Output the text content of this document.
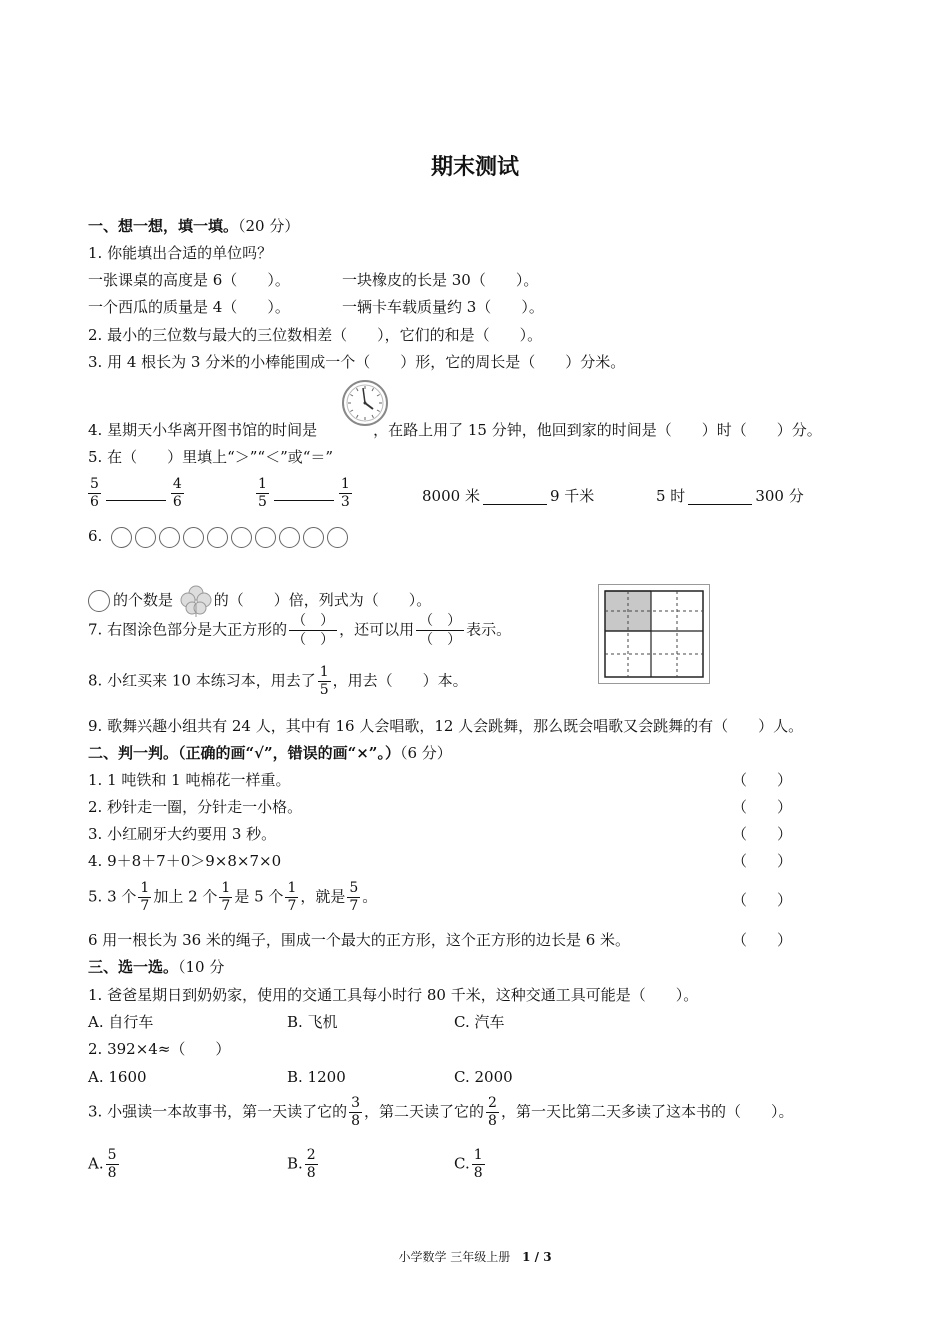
期末测试
一、想一想，填一填。（20 分）
1. 你能填出合适的单位吗？
一张课桌的高度是 6（　　）。	一块橡皮的长是 30（　　）。
一个西瓜的质量是 4（　　）。	一辆卡车载质量约 3（　　）。
2. 最小的三位数与最大的三位数相差（　　），它们的和是（　　）。
3. 用 4 根长为 3 分米的小棒能围成一个（　　）形，它的周长是（　　）分米。
4. 星期天小华离开图书馆的时间是	，在路上用了 15 分钟，他回到家的时间是（　　）时（　　）分。
5. 在（　　）里填上“＞”“＜”或“＝”
$\frac{5}{6}$	$\frac{4}{6}$	$\frac{1}{5}$	$\frac{1}{3}$	8000 米	9 千米	5 时	300 分
6.
的个数是	的（　　）倍，列式为（　　）。
7. 右图涂色部分是大正方形的 $\frac{( )}{( )}$ ，还可以用 $\frac{( )}{( )}$ 表示。
8. 小红买来 10 本练习本，用去了 $\frac{1}{5}$ ，用去（　　）本。
9. 歌舞兴趣小组共有 24 人，其中有 16 人会唱歌，12 人会跳舞，那么既会唱歌又会跳舞的有（　　）人。
二、判一判。（正确的画“√”，错误的画“×”。）（6 分）
1. 1 吨铁和 1 吨棉花一样重。	（　　）
2. 秒针走一圈，分针走一小格。	（　　）
3. 小红刷牙大约要用 3 秒。	（　　）
4. 9＋8＋7＋0＞9×8×7×0	（　　）
5. 3 个 $\frac{1}{7}$ 加上 2 个 $\frac{1}{7}$ 是 5 个 $\frac{1}{7}$ ，就是 $\frac{5}{7}$ 。	（　　）
6 用一根长为 36 米的绳子，围成一个最大的正方形，这个正方形的边长是 6 米。	（　　）
三、选一选。（10 分
1. 爸爸星期日到奶奶家，使用的交通工具每小时行 80 千米，这种交通工具可能是（　　）。
A. 自行车	B. 飞机	C. 汽车
2. 392×4≈（　　）
A. 1600	B. 1200	C. 2000
3. 小强读一本故事书，第一天读了它的 $\frac{3}{8}$ ，第二天读了它的 $\frac{2}{8}$ ，第一天比第二天多读了这本书的（　　）。
A. $\frac{5}{8}$	B. $\frac{2}{8}$	C. $\frac{1}{8}$
小学数学 三年级上册 1 / 3
